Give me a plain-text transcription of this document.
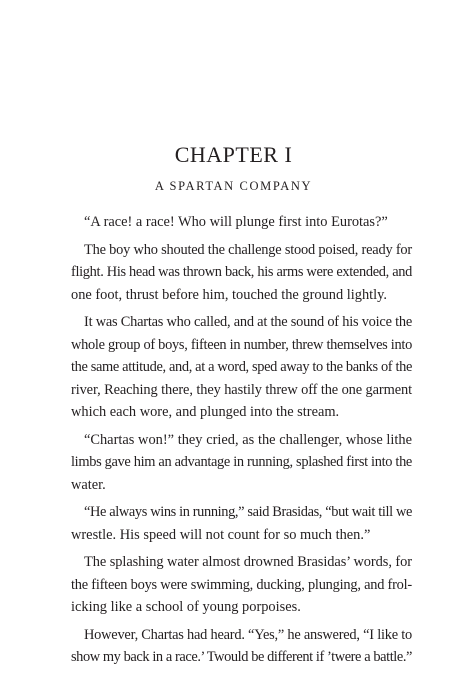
CHAPTER I
A SPARTAN COMPANY
“A race! a race! Who will plunge first into Eurotas?”
The boy who shouted the challenge stood poised, ready for
flight. His head was thrown back, his arms were extended, and
one foot, thrust before him, touched the ground lightly.
It was Chartas who called, and at the sound of his voice the
whole group of boys, fifteen in number, threw themselves into
the same attitude, and, at a word, sped away to the banks of the
river, Reaching there, they hastily threw off the one garment
which each wore, and plunged into the stream.
“Chartas won!” they cried, as the challenger, whose lithe
limbs gave him an advantage in running, splashed first into the
water.
“He always wins in running,” said Brasidas, “but wait till we
wrestle. His speed will not count for so much then.”
The splashing water almost drowned Brasidas’ words, for
the fifteen boys were swimming, ducking, plunging, and frol-
icking like a school of young porpoises.
However, Chartas had heard. “Yes,” he answered, “I like to
show my back in a race.’ Twould be different if ’twere a battle.”
